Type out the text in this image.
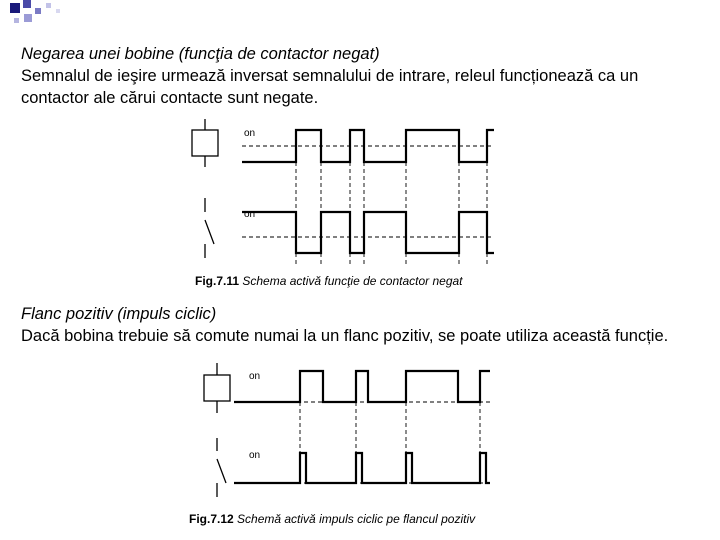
Negarea unei bobine (funcţia de contactor negat)
Semnalul de ieşire urmează inversat semnalului de intrare, releul funcționează ca un contactor ale cărui contacte sunt negate.
on
on
Fig.7.11 Schema activă funcţie de contactor negat
Flanc pozitiv (impuls ciclic)
Dacă bobina trebuie să comute numai la un flanc pozitiv, se poate utiliza această funcție.
on
on
Fig.7.12 Schemă activă impuls ciclic pe flancul pozitiv
